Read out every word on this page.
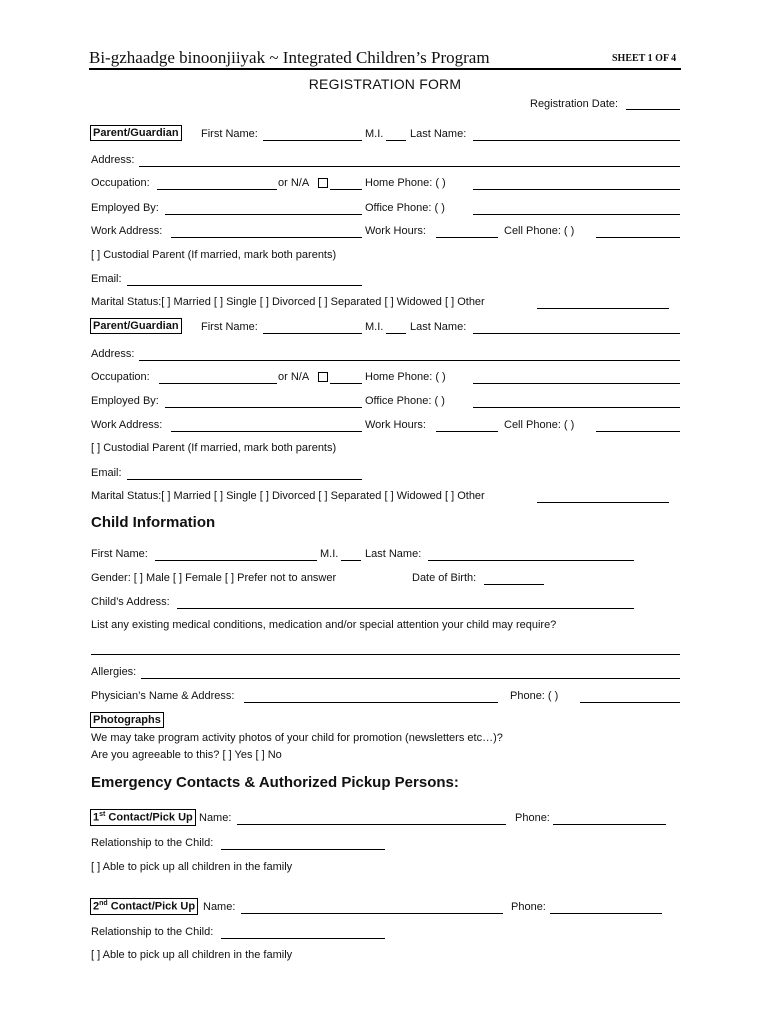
Bi-gzhaadge binoonjiiyak ~ Integrated Children’s Program	SHEET 1 OF 4
REGISTRATION FORM
Registration Date:
Parent/Guardian First Name:	M.I. Last Name:
Address:
Occupation:	or N/A	Home Phone: ( )
Employed By:	Office Phone: ( )
Work Address:	Work Hours:	Cell Phone: ( )
[ ] Custodial Parent (If married, mark both parents)
Email:
Marital Status:[ ] Married [ ] Single [ ] Divorced [ ] Separated [ ] Widowed [ ] Other
Parent/Guardian First Name:	M.I. Last Name:
Address:
Occupation:	or N/A	Home Phone: ( )
Employed By:	Office Phone: ( )
Work Address:	Work Hours:	Cell Phone: ( )
[ ] Custodial Parent (If married, mark both parents)
Email:
Marital Status:[ ] Married [ ] Single [ ] Divorced [ ] Separated [ ] Widowed [ ] Other
Child Information
First Name:	M.I. Last Name:
Gender: [ ] Male [ ] Female [ ] Prefer not to answer	Date of Birth:
Child’s Address:
List any existing medical conditions, medication and/or special attention your child may require?
Allergies:
Physician’s Name & Address:	Phone: ( )
Photographs
We may take program activity photos of your child for promotion (newsletters etc…)?
Are you agreeable to this? [ ] Yes [ ] No
Emergency Contacts & Authorized Pickup Persons:
1st Contact/Pick Up Name:	Phone:
Relationship to the Child:
[ ] Able to pick up all children in the family
2nd Contact/Pick Up Name:	Phone:
Relationship to the Child:
[ ] Able to pick up all children in the family
